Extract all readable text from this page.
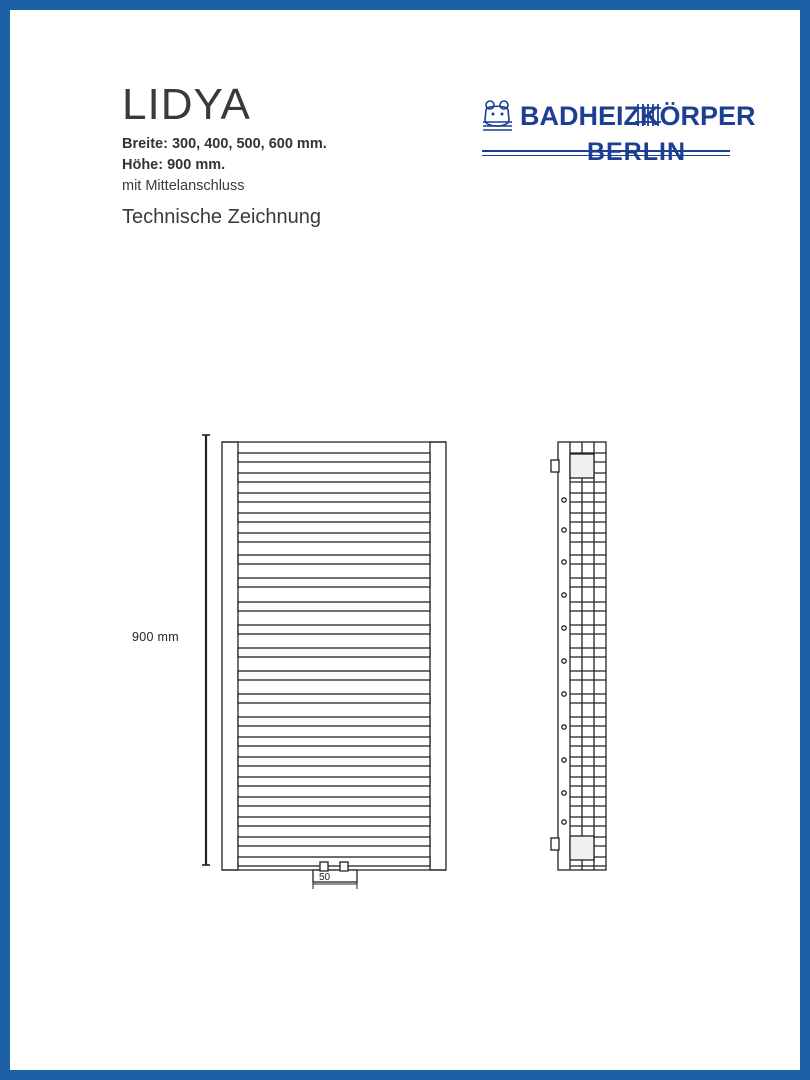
LIDYA
Breite: 300, 400, 500, 600 mm.
Höhe: 900 mm.
mit Mittelanschluss
Technische Zeichnung
BADHEIZKÖRPER
BERLIN
900 mm
50
